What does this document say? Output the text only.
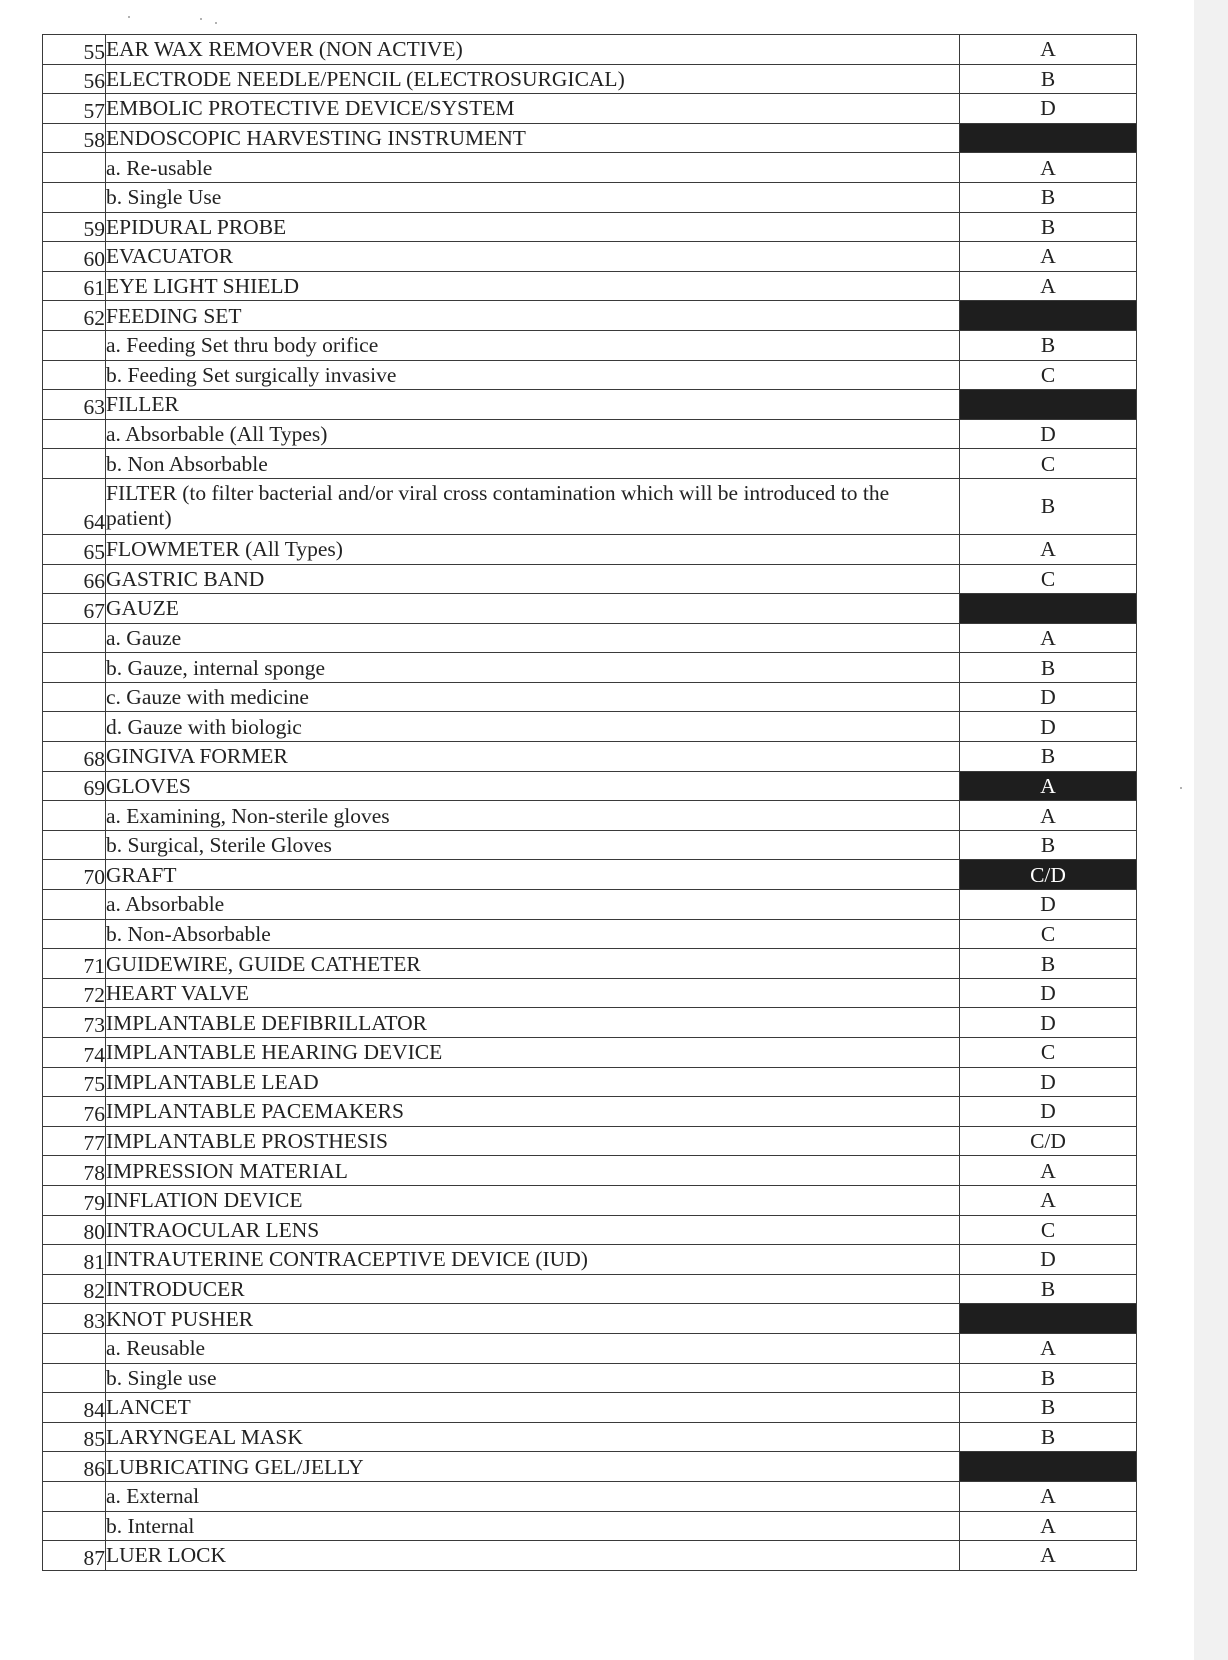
55	EAR WAX REMOVER (NON ACTIVE)	A
56	ELECTRODE NEEDLE/PENCIL (ELECTROSURGICAL)	B
57	EMBOLIC PROTECTIVE DEVICE/SYSTEM	D
58	ENDOSCOPIC HARVESTING INSTRUMENT	
	a. Re-usable	A
	b. Single Use	B
59	EPIDURAL PROBE	B
60	EVACUATOR	A
61	EYE LIGHT SHIELD	A
62	FEEDING SET	
	a. Feeding Set thru body orifice	B
	b. Feeding Set surgically invasive	C
63	FILLER	
	a. Absorbable (All Types)	D
	b. Non Absorbable	C
64	FILTER (to filter bacterial and/or viral cross contamination which will be introduced to the patient)	B
65	FLOWMETER (All Types)	A
66	GASTRIC BAND	C
67	GAUZE	
	a. Gauze	A
	b. Gauze, internal sponge	B
	c. Gauze with medicine	D
	d. Gauze with biologic	D
68	GINGIVA FORMER	B
69	GLOVES	A
	a. Examining, Non-sterile gloves	A
	b. Surgical, Sterile Gloves	B
70	GRAFT	C/D
	a. Absorbable	D
	b. Non-Absorbable	C
71	GUIDEWIRE, GUIDE CATHETER	B
72	HEART VALVE	D
73	IMPLANTABLE DEFIBRILLATOR	D
74	IMPLANTABLE HEARING DEVICE	C
75	IMPLANTABLE LEAD	D
76	IMPLANTABLE PACEMAKERS	D
77	IMPLANTABLE PROSTHESIS	C/D
78	IMPRESSION MATERIAL	A
79	INFLATION DEVICE	A
80	INTRAOCULAR LENS	C
81	INTRAUTERINE CONTRACEPTIVE DEVICE (IUD)	D
82	INTRODUCER	B
83	KNOT PUSHER	
	a. Reusable	A
	b. Single use	B
84	LANCET	B
85	LARYNGEAL MASK	B
86	LUBRICATING GEL/JELLY	
	a. External	A
	b. Internal	A
87	LUER LOCK	A
